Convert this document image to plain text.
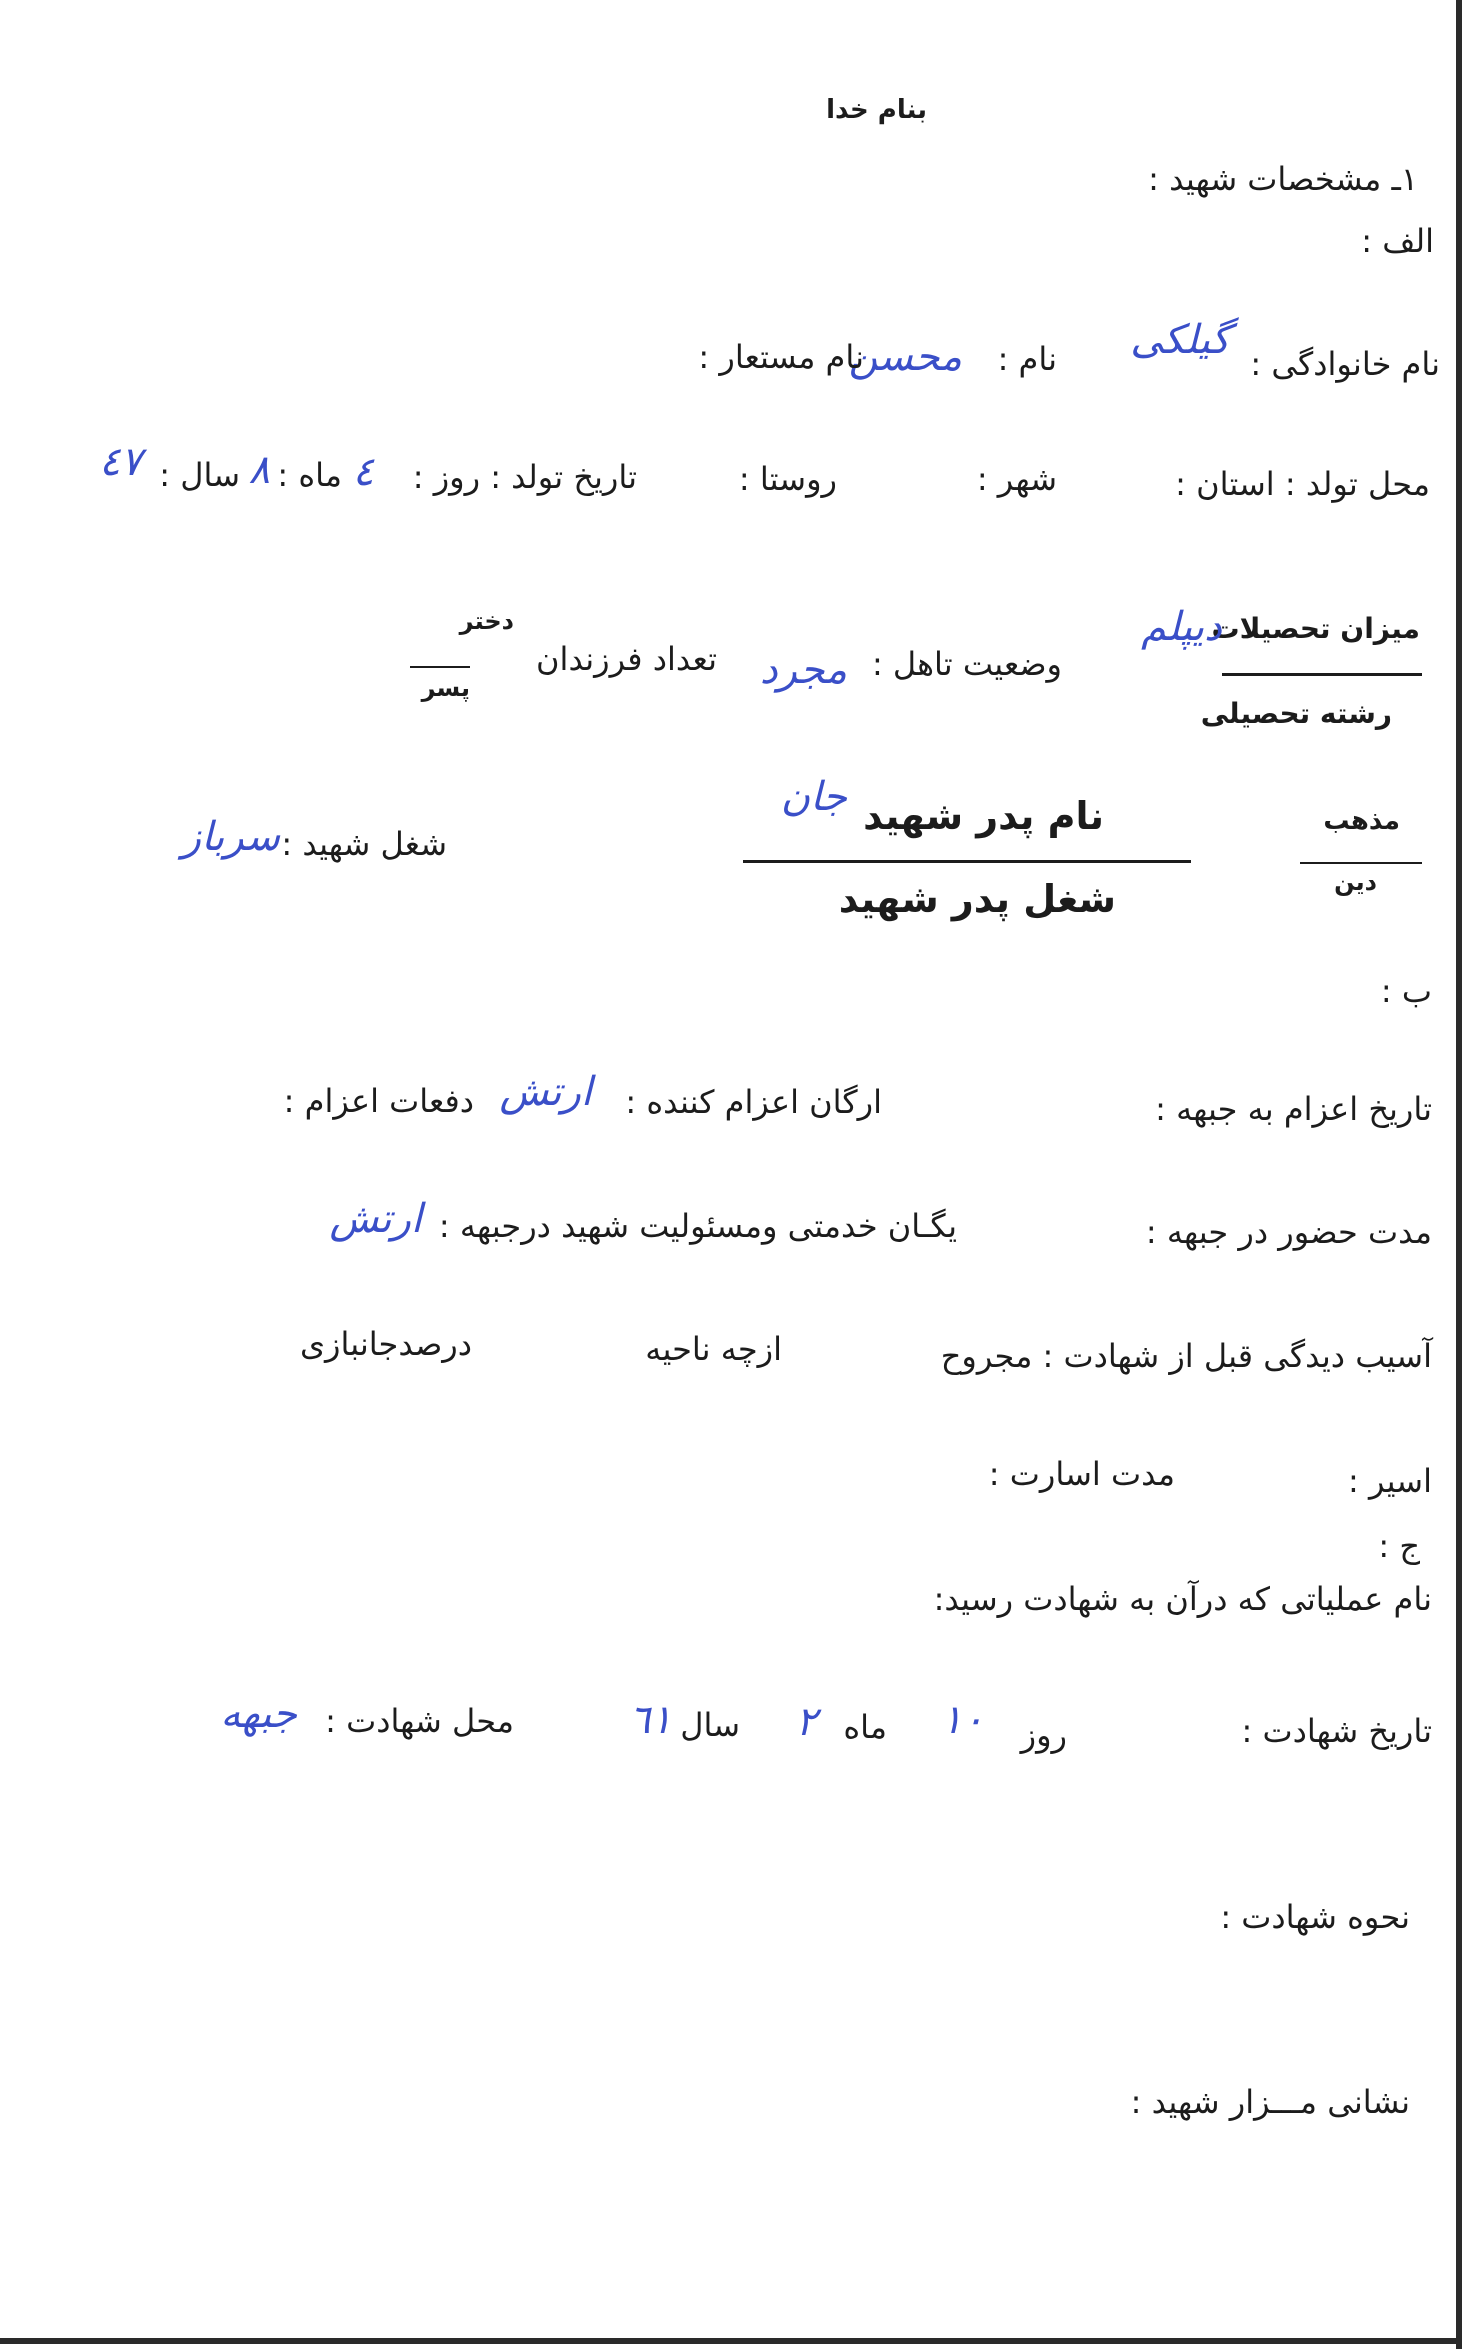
بنام خدا
۱ـ مشخصات شهید :
الف :
نام خانوادگی :
گیلکی
نام :
محسن
نام مستعار :
محل تولد : استان :
شهر :
روستا :
تاریخ تولد : روز :
٤
ماه :
۸
سال :
٤٧
میزان تحصیلات
رشته تحصیلی
دیپلم
وضعیت تاهل :
مجرد
تعداد فرزندان
دختر
پسر
مذهب
دین
نام پدر شهید
جان
شغل پدر شهید
شغل شهید :
سرباز
ب :
تاریخ اعزام به جبهه :
ارگان اعزام کننده :
ارتش
دفعات اعزام :
مدت حضور در جبهه :
یگـان خدمتی ومسئولیت شهید درجبهه :
ارتش
آسیب دیدگی قبل از شهادت : مجروح
ازچه ناحیه
درصدجانبازی
اسیر :
مدت اسارت :
ج :
نام عملیاتی که درآن به شهادت رسید:
تاریخ شهادت :
روز
۱۰
ماه
۲
سال
٦١
محل شهادت :
جبهه
نحوه شهادت :
نشانی مـــزار شهید :
